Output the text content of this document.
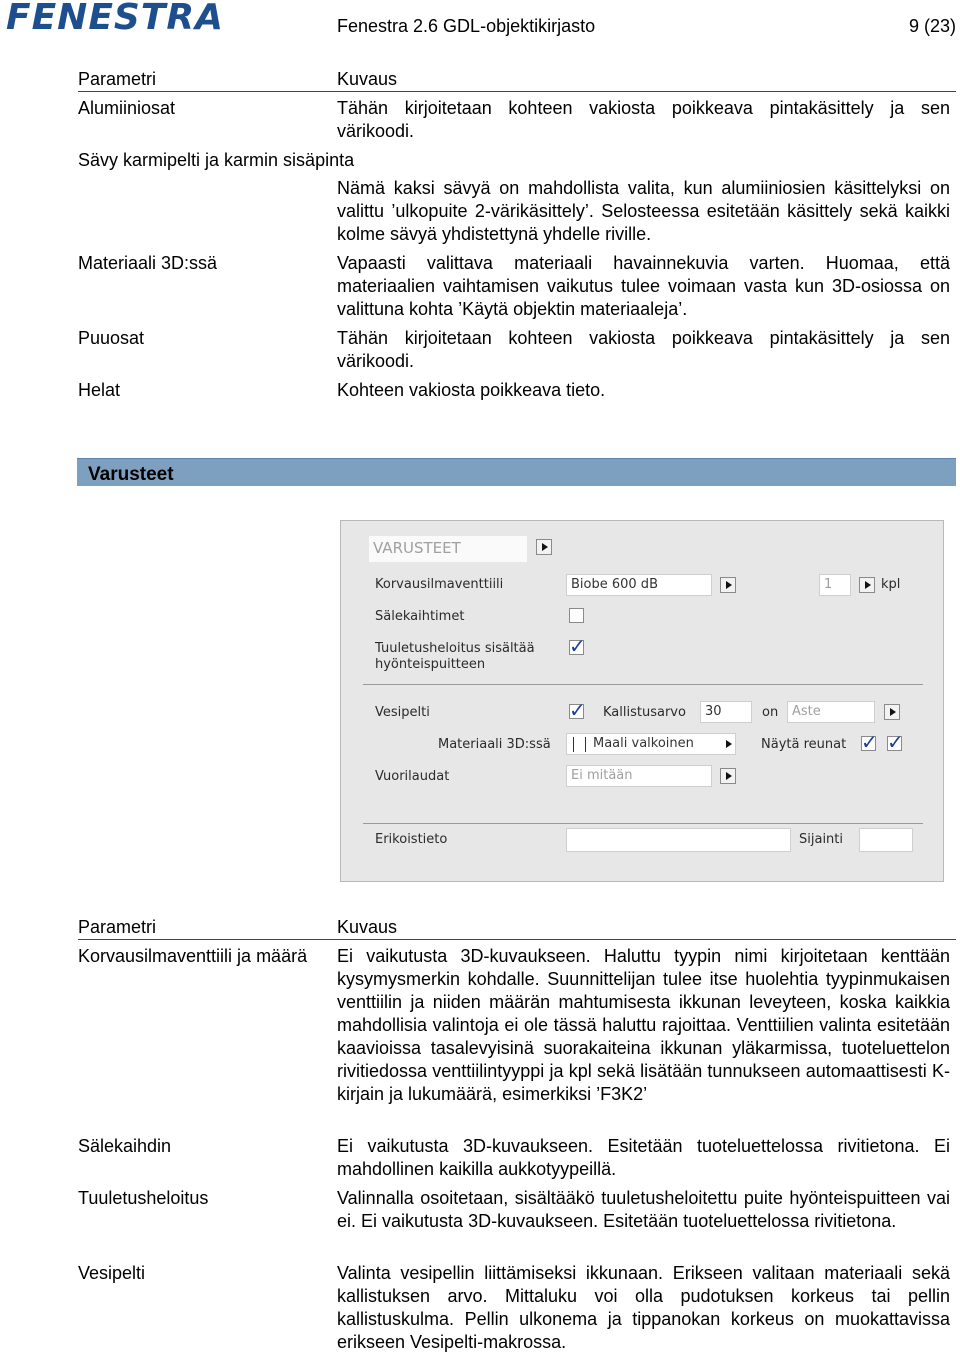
FENESTRA	Fenestra 2.6 GDL-objektikirjasto	9 (23)
Parametri	Kuvaus
Alumiiniosat	Tähän kirjoitetaan kohteen vakiosta poikkeava pintakäsittely ja sen värikoodi.
Sävy karmipelti ja karmin sisäpinta
Nämä kaksi sävyä on mahdollista valita, kun alumiiniosien käsittelyksi on valittu ’ulkopuite 2-värikäsittely’. Selosteessa esitetään käsittely sekä kaikki kolme sävyä yhdistettynä yhdelle riville.
Materiaali 3D:ssä	Vapaasti valittava materiaali havainnekuvia varten. Huomaa, että materiaalien vaihtamisen vaikutus tulee voimaan vasta kun 3D-osiossa on valittuna kohta ’Käytä objektin materiaaleja’.
Puuosat	Tähän kirjoitetaan kohteen vakiosta poikkeava pintakäsittely ja sen värikoodi.
Helat	Kohteen vakiosta poikkeava tieto.
Varusteet
VARUSTEET
Korvausilmaventtiili	Biobe 600 dB	1	kpl
Sälekaihtimet
Tuuletusheloitus sisältää
hyönteispuitteen
✓
Vesipelti
✓	Kallistusarvo	30	on	Aste
Materiaali 3D:ssä	Maali valkoinen	Näytä reunat
✓
✓
Vuorilaudat	Ei mitään
Erikoistieto	Sijainti
Parametri	Kuvaus
Korvausilmaventtiili ja määrä Ei vaikutusta 3D-kuvaukseen. Haluttu tyypin nimi kirjoitetaan kenttään kysymysmerkin kohdalle. Suunnittelijan tulee itse huolehtia tyypinmukaisen venttiilin ja niiden määrän mahtumisesta ikkunan leveyteen, koska kaikkia mahdollisia valintoja ei ole tässä haluttu rajoittaa. Venttiilien valinta esitetään kaavioissa tasalevyisinä suorakaiteina ikkunan yläkarmissa, tuoteluettelon rivitiedossa venttiilintyyppi ja kpl sekä lisätään tunnukseen automaattisesti K-kirjain ja lukumäärä, esimerkiksi ’F3K2’
Sälekaihdin	Ei vaikutusta 3D-kuvaukseen. Esitetään tuoteluettelossa rivitietona. Ei mahdollinen kaikilla aukkotyypeillä.
Tuuletusheloitus	Valinnalla osoitetaan, sisältääkö tuuletusheloitettu puite hyönteispuitteen vai ei. Ei vaikutusta 3D-kuvaukseen. Esitetään tuoteluettelossa rivitietona.
Vesipelti	Valinta vesipellin liittämiseksi ikkunaan. Erikseen valitaan materiaali sekä kallistuksen arvo. Mittaluku voi olla pudotuksen korkeus tai pellin kallistuskulma. Pellin ulkonema ja tippanokan korkeus on muokattavissa erikseen Vesipelti-makrossa.
